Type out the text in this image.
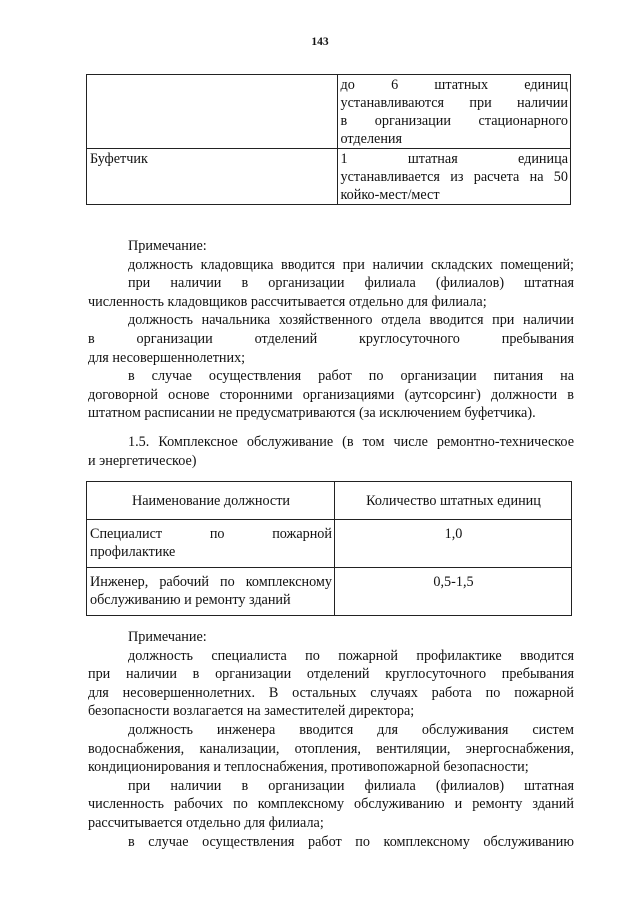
143

	до 6 штатных единиц
устанавливаются при наличии
в организации стационарного
отделения

Буфетчик	1 штатная единица
устанавливается из расчета на 50
койко-мест/мест
Примечание:
должность кладовщика вводится при наличии складских помещений;
при наличии в организации филиала (филиалов) штатная
численность кладовщиков рассчитывается отдельно для филиала;
должность начальника хозяйственного отдела вводится при наличии
в организации отделений круглосуточного пребывания
для несовершеннолетних;
в случае осуществления работ по организации питания на
договорной основе сторонними организациями (аутсорсинг) должности в
штатном расписании не предусматриваются (за исключением буфетчика).
1.5. Комплексное обслуживание (в том числе ремонтно-техническое
и энергетическое)
Наименование должности	Количество штатных единиц

Специалист по пожарной
профилактике	1,0

Инженер, рабочий по комплексному
обслуживанию и ремонту зданий	0,5-1,5
Примечание:
должность специалиста по пожарной профилактике вводится
при наличии в организации отделений круглосуточного пребывания
для несовершеннолетних. В остальных случаях работа по пожарной
безопасности возлагается на заместителей директора;
должность инженера вводится для обслуживания систем
водоснабжения, канализации, отопления, вентиляции, энергоснабжения,
кондиционирования и теплоснабжения, противопожарной безопасности;
при наличии в организации филиала (филиалов) штатная
численность рабочих по комплексному обслуживанию и ремонту зданий
рассчитывается отдельно для филиала;
в случае осуществления работ по комплексному обслуживанию
